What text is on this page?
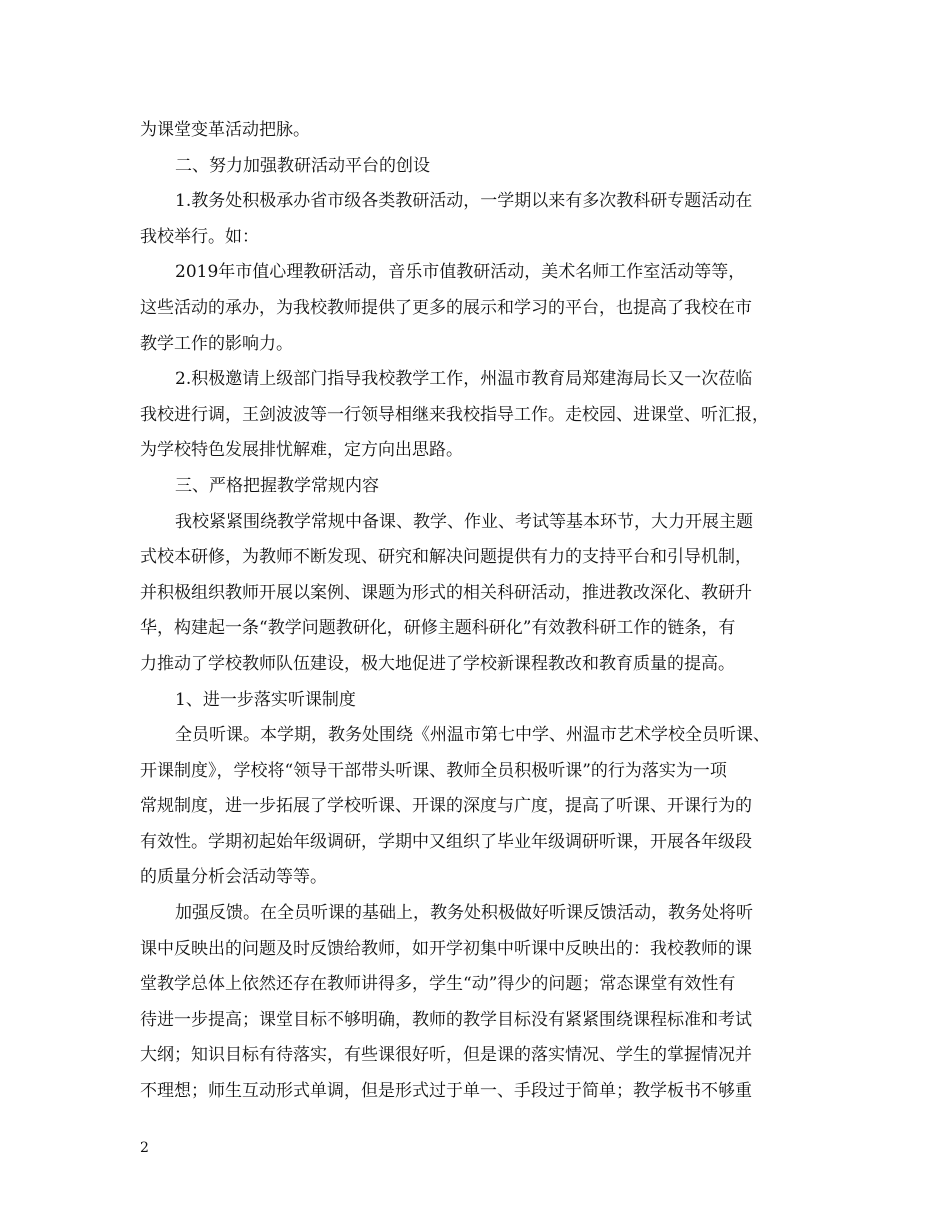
为课堂变革活动把脉。
二、努力加强教研活动平台的创设
1.教务处积极承办省市级各类教研活动，一学期以来有多次教科研专题活动在
我校举行。如：
2019年市值心理教研活动，音乐市值教研活动，美术名师工作室活动等等，
这些活动的承办，为我校教师提供了更多的展示和学习的平台，也提高了我校在市
教学工作的影响力。
2.积极邀请上级部门指导我校教学工作，州温市教育局郑建海局长又一次莅临
我校进行调，王剑波波等一行领导相继来我校指导工作。走校园、进课堂、听汇报，
为学校特色发展排忧解难，定方向出思路。
三、严格把握教学常规内容
我校紧紧围绕教学常规中备课、教学、作业、考试等基本环节，大力开展主题
式校本研修，为教师不断发现、研究和解决问题提供有力的支持平台和引导机制，
并积极组织教师开展以案例、课题为形式的相关科研活动，推进教改深化、教研升
华，构建起一条“教学问题教研化，研修主题科研化”有效教科研工作的链条，有
力推动了学校教师队伍建设，极大地促进了学校新课程教改和教育质量的提高。
1、进一步落实听课制度
全员听课。本学期，教务处围绕《州温市第七中学、州温市艺术学校全员听课、
开课制度》，学校将“领导干部带头听课、教师全员积极听课”的行为落实为一项
常规制度，进一步拓展了学校听课、开课的深度与广度，提高了听课、开课行为的
有效性。学期初起始年级调研，学期中又组织了毕业年级调研听课，开展各年级段
的质量分析会活动等等。
加强反馈。在全员听课的基础上，教务处积极做好听课反馈活动，教务处将听
课中反映出的问题及时反馈给教师，如开学初集中听课中反映出的：我校教师的课
堂教学总体上依然还存在教师讲得多，学生“动”得少的问题；常态课堂有效性有
待进一步提高；课堂目标不够明确，教师的教学目标没有紧紧围绕课程标准和考试
大纲；知识目标有待落实，有些课很好听，但是课的落实情况、学生的掌握情况并
不理想；师生互动形式单调，但是形式过于单一、手段过于简单；教学板书不够重
2
